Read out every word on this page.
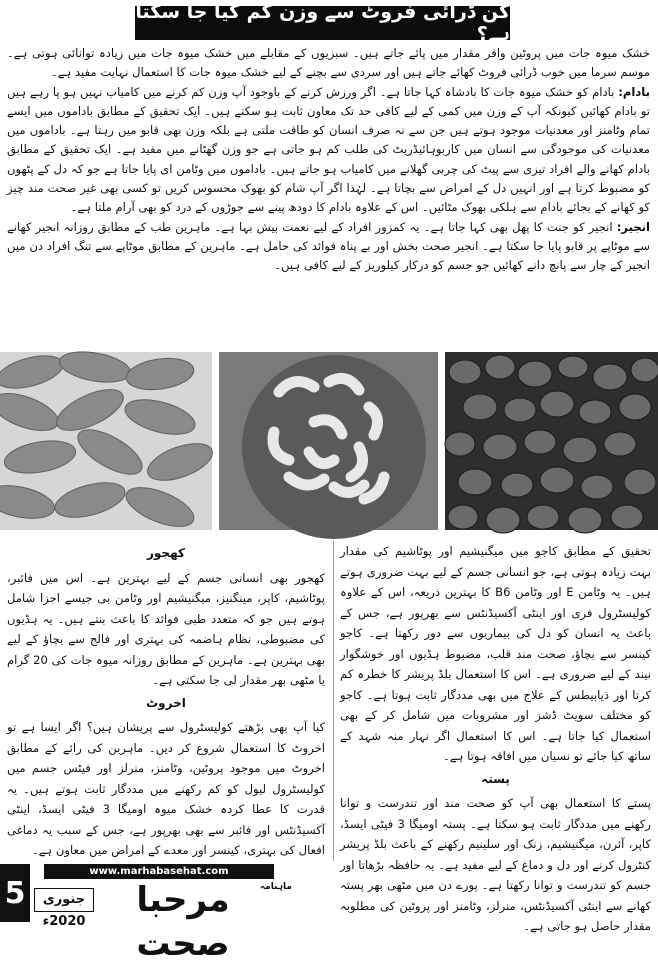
کن ڈرائی فروٹ سے وزن کم کیا جا سکتا ہے؟

خشک میوہ جات میں پروٹین وافر مقدار میں پائے جاتے ہیں۔ سبزیوں کے مقابلے میں خشک میوہ جات میں زیادہ توانائی ہوتی ہے۔ موسم سرما میں خوب ڈرائی فروٹ کھائے جاتے ہیں اور سردی سے بچنے کے لیے خشک میوہ جات کا استعمال نہایت مفید ہے۔

بادام: بادام کو خشک میوہ جات کا بادشاہ کہا جاتا ہے۔ اگر ورزش کرنے کے باوجود آپ وزن کم کرنے میں کامیاب نہیں ہو پا رہے ہیں تو بادام کھائیں کیونکہ آپ کے وزن میں کمی کے لیے کافی حد تک معاون ثابت ہو سکتے ہیں۔ ایک تحقیق کے مطابق باداموں میں ایسے تمام وٹامنز اور معدنیات موجود ہوتے ہیں جن سے نہ صرف انسان کو طاقت ملتی ہے بلکہ وزن بھی قابو میں رہتا ہے۔ باداموں میں معدنیات کی موجودگی سے انسان میں کاربوہائیڈریٹ کی طلب کم ہو جاتی ہے جو وزن گھٹانے میں مفید ہے۔ ایک تحقیق کے مطابق بادام کھانے والے افراد تیزی سے پیٹ کی چربی گھلانے میں کامیاب ہو جاتے ہیں۔ باداموں میں وٹامن ای پایا جاتا ہے جو کہ دل کے پٹھوں کو مضبوط کرتا ہے اور انہیں دل کے امراض سے بچاتا ہے۔ لہٰذا اگر آپ شام کو بھوک محسوس کریں تو کسی بھی غیر صحت مند چیز کو کھانے کے بجائے بادام سے ہلکی بھوک مٹائیں۔ اس کے علاوہ بادام کا دودھ پینے سے جوڑوں کے درد کو بھی آرام ملتا ہے۔

انجیر: انجیر کو جنت کا پھل بھی کہا جاتا ہے۔ یہ کمزور افراد کے لیے نعمت بیش بہا ہے۔ ماہرین طب کے مطابق روزانہ انجیر کھانے سے موٹاپے پر قابو پایا جا سکتا ہے۔ انجیر صحت بخش اور بے پناہ فوائد کی حامل ہے۔ ماہرین کے مطابق موٹاپے سے تنگ افراد دن میں انجیر کے چار سے پانچ دانے کھائیں جو جسم کو درکار کیلوریز کے لیے کافی ہیں۔

تحقیق کے مطابق کاجو میں میگنیشیم اور پوٹاشیم کی مقدار بہت زیادہ ہوتی ہے، جو انسانی جسم کے لیے بہت ضروری ہوتے ہیں۔ یہ وٹامن E اور وٹامن B6 کا بہترین ذریعہ، اس کے علاوہ کولیسٹرول فری اور اینٹی آکسیڈنٹس سے بھرپور ہے، جس کے باعث یہ انسان کو دل کی بیماریوں سے دور رکھتا ہے۔ کاجو کینسر سے بچاؤ، صحت مند قلب، مضبوط ہڈیوں اور خوشگوار نیند کے لیے ضروری ہے۔ اس کا استعمال بلڈ پریشر کا خطرہ کم کرتا اور ذیابیطس کے علاج میں بھی مددگار ثابت ہوتا ہے۔ کاجو کو مختلف سویٹ ڈشز اور مشروبات میں شامل کر کے بھی استعمال کیا جاتا ہے۔ اس کا استعمال اگر نہار منہ شہد کے ساتھ کیا جائے تو نسیان میں افاقہ ہوتا ہے۔

پستہ

پستے کا استعمال بھی آپ کو صحت مند اور تندرست و توانا رکھنے میں مددگار ثابت ہو سکتا ہے۔ پستہ اومیگا 3 فیٹی ایسڈ، کاپر، آئرن، میگنیشیم، زنک اور سلینیم رکھنے کے باعث بلڈ پریشر کنٹرول کرنے اور دل و دماغ کے لیے مفید ہے۔ یہ حافظہ بڑھاتا اور جسم کو تندرست و توانا رکھتا ہے۔ پورے دن میں مٹھی بھر پستہ کھانے سے اینٹی آکسیڈنٹس، منرلز، وٹامنز اور پروٹین کی مطلوبہ مقدار حاصل ہو جاتی ہے۔

کھجور

کھجور بھی انسانی جسم کے لیے بہترین ہے۔ اس میں فائبر، پوٹاشیم، کاپر، مینگنیز، میگنیشیم اور وٹامن بی جیسے اجزا شامل ہوتے ہیں جو کہ متعدد طبی فوائد کا باعث بنتے ہیں۔ یہ ہڈیوں کی مضبوطی، نظام ہاضمہ کی بہتری اور فالج سے بچاؤ کے لیے بھی بہترین ہے۔ ماہرین کے مطابق روزانہ میوہ جات کی 20 گرام یا مٹھی بھر مقدار لی جا سکتی ہے۔

اخروٹ

کیا آپ بھی بڑھتے کولیسٹرول سے پریشان ہیں؟ اگر ایسا ہے تو اخروٹ کا استعمال شروع کر دیں۔ ماہرین کی رائے کے مطابق اخروٹ میں موجود پروٹین، وٹامنز، منرلز اور فیٹس جسم میں کولیسٹرول لیول کو کم رکھنے میں مددگار ثابت ہوتے ہیں۔ یہ قدرت کا عطا کردہ خشک میوہ اومیگا 3 فیٹی ایسڈ، اینٹی آکسیڈنٹس اور فائبر سے بھی بھرپور ہے، جس کے سبب یہ دماغی افعال کی بہتری، کینسر اور معدے کے امراض میں معاون ہے۔

www.marhabasehat.com
5	مرحبا صحت
ماہنامہ
جنوری 2020ء
